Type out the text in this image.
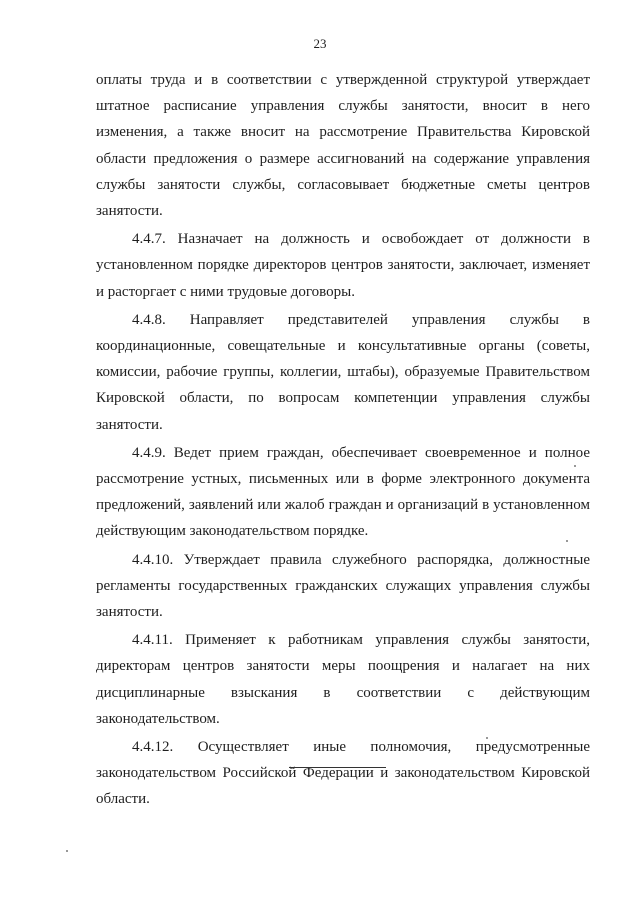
23

оплаты труда и в соответствии с утвержденной структурой утверждает штатное расписание управления службы занятости, вносит в него изменения, а также вносит на рассмотрение Правительства Кировской области предложения о размере ассигнований на содержание управления службы занятости службы, согласовывает бюджетные сметы центров занятости.

4.4.7. Назначает на должность и освобождает от должности в установленном порядке директоров центров занятости, заключает, изменяет и расторгает с ними трудовые договоры.

4.4.8. Направляет представителей управления службы в координационные, совещательные и консультативные органы (советы, комиссии, рабочие группы, коллегии, штабы), образуемые Правительством Кировской области, по вопросам компетенции управления службы занятости.

4.4.9. Ведет прием граждан, обеспечивает своевременное и полное рассмотрение устных, письменных или в форме электронного документа предложений, заявлений или жалоб граждан и организаций в установленном действующим законодательством порядке.

4.4.10. Утверждает правила служебного распорядка, должностные регламенты государственных гражданских служащих управления службы занятости.

4.4.11. Применяет к работникам управления службы занятости, директорам центров занятости меры поощрения и налагает на них дисциплинарные взыскания в соответствии с действующим законодательством.

4.4.12. Осуществляет иные полномочия, предусмотренные законодательством Российской Федерации и законодательством Кировской области.
